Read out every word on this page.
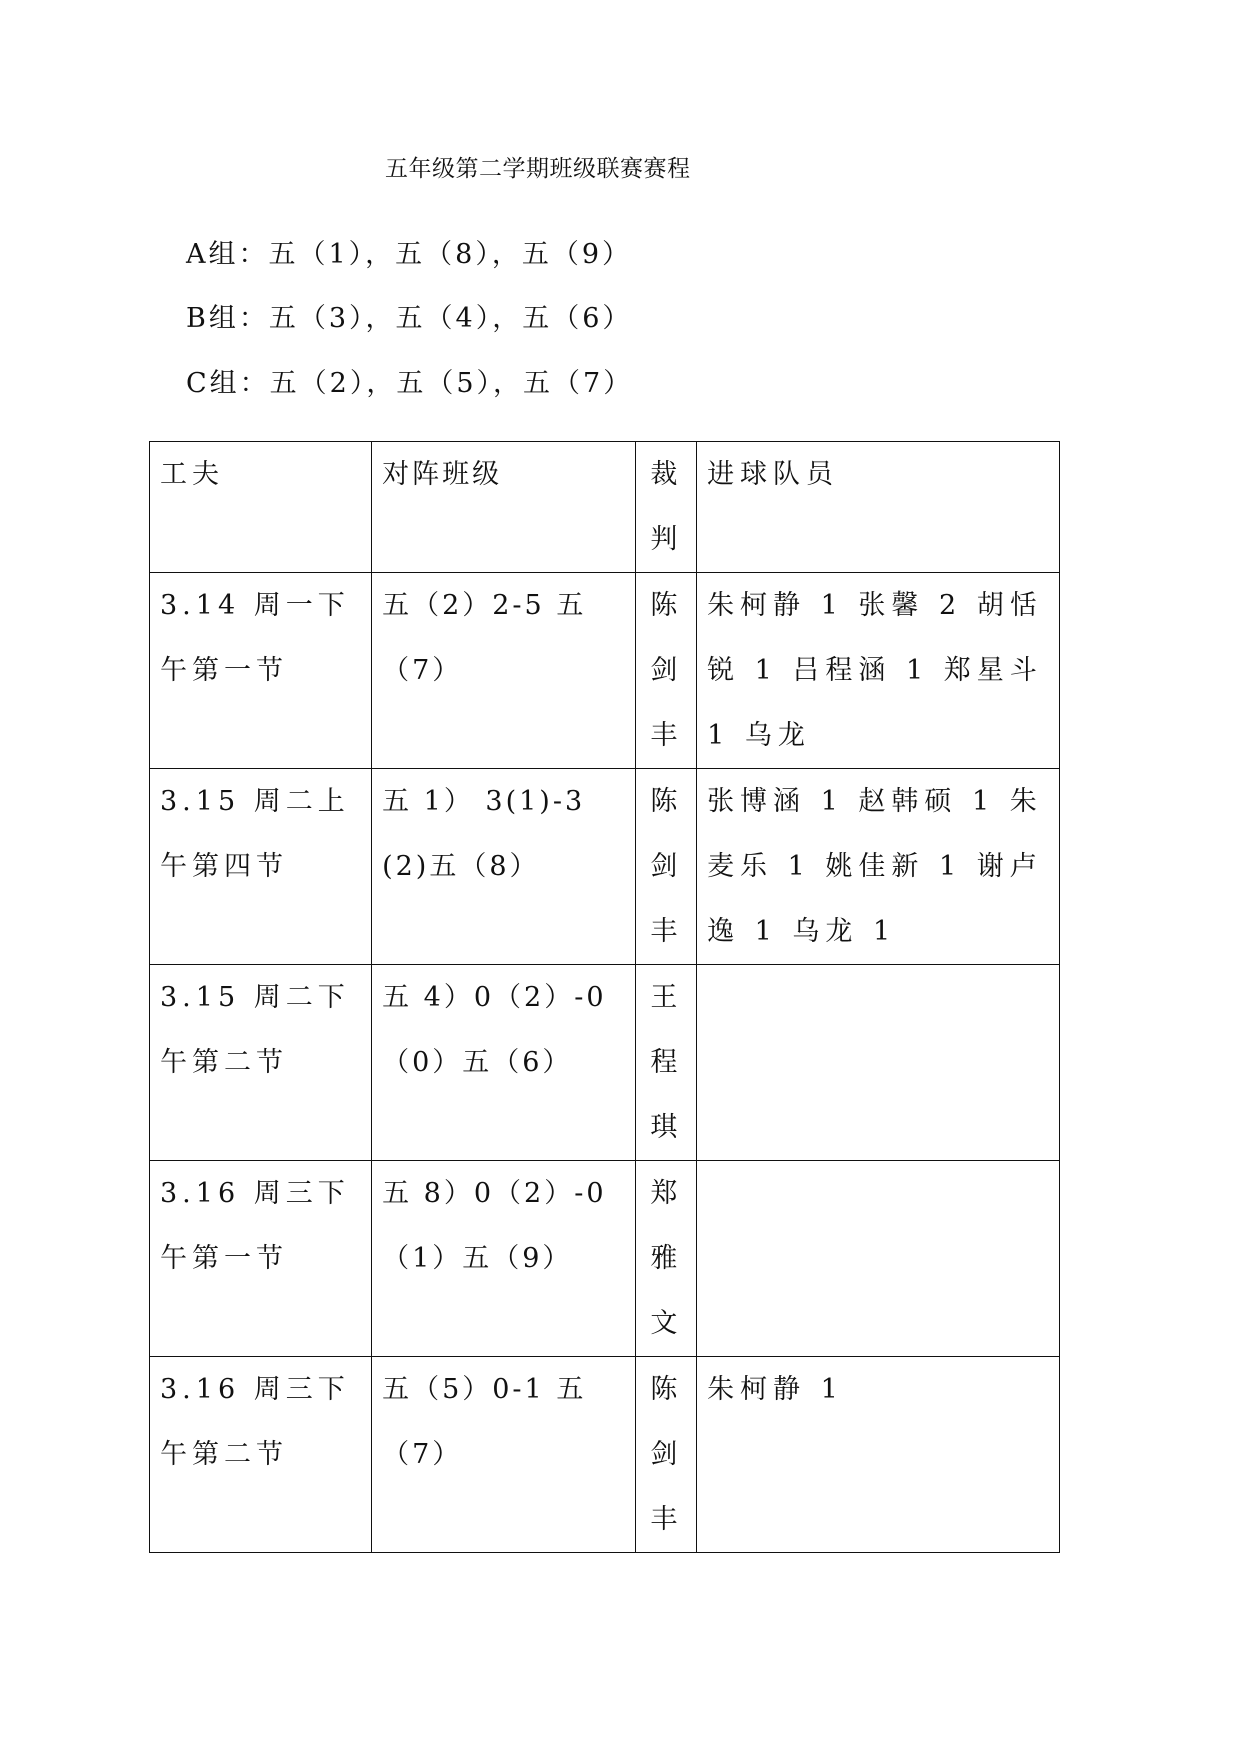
五年级第二学期班级联赛赛程

A组：五（1），五（8），五（9）

B组：五（3），五（4），五（6）

C组：五（2），五（5），五（7）

工夫	对阵班级	裁判	进球队员

3.14 周一下午第一节	五（2）2-5 五（7）	陈剑丰	朱柯静 1 张馨 2 胡恬锐 1 吕程涵 1 郑星斗 1 乌龙

3.15 周二上午第四节	五 1） 3(1)-3(2)五（8）	陈剑丰	张博涵 1 赵韩硕 1 朱麦乐 1 姚佳新 1 谢卢逸 1 乌龙 1

3.15 周二下午第二节	五 4）0（2）-0（0）五（6）	王程琪	

3.16 周三下午第一节	五 8）0（2）-0（1）五（9）	郑雅文	

3.16 周三下午第二节	五（5）0-1 五（7）	陈剑丰	朱柯静 1
